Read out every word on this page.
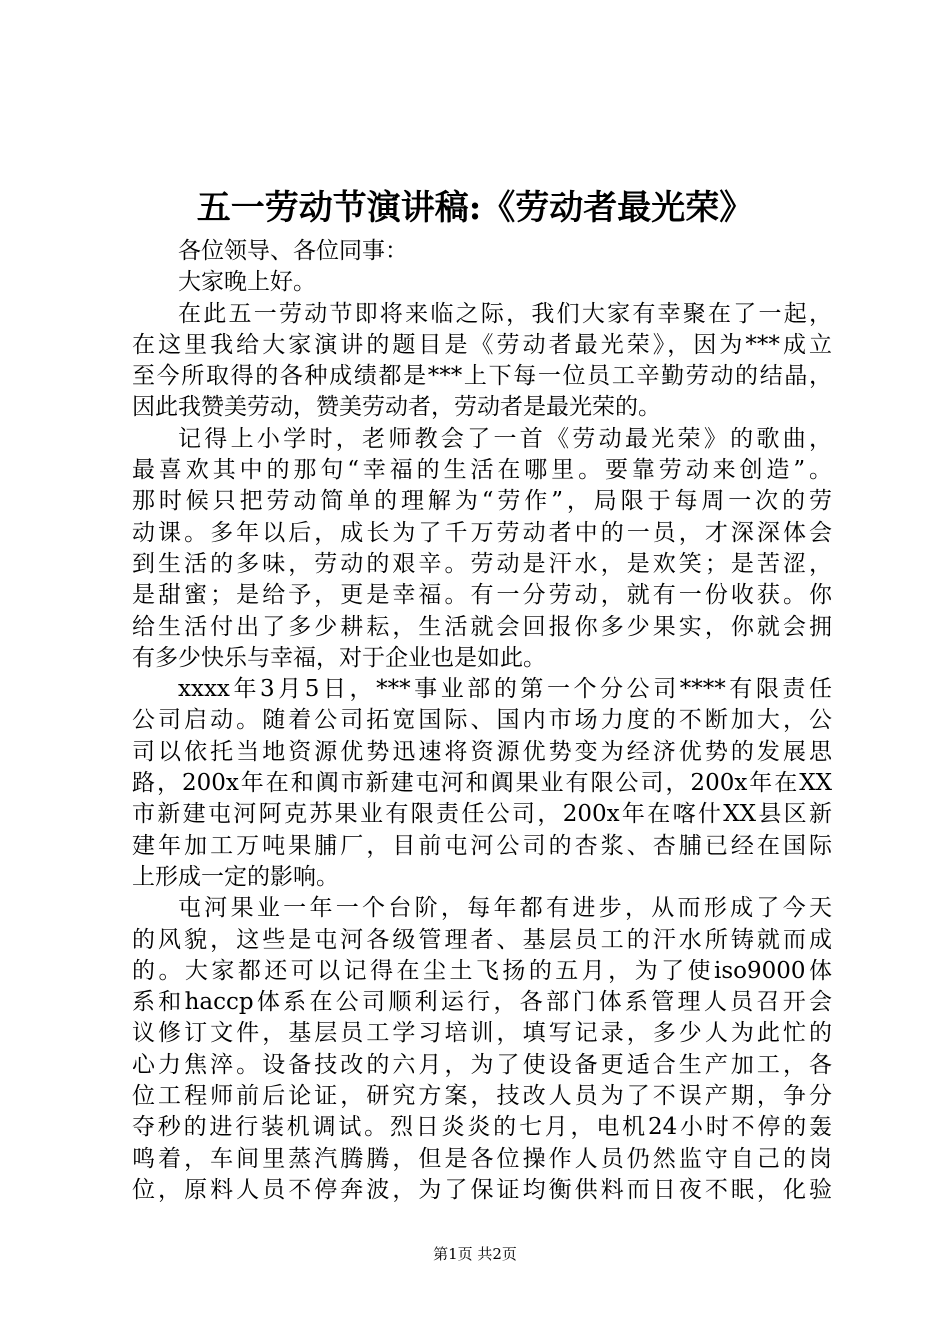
五一劳动节演讲稿:《劳动者最光荣》
各位领导、各位同事：
大家晚上好。
在此五一劳动节即将来临之际，我们大家有幸聚在了一起，
在这里我给大家演讲的题目是《劳动者最光荣》，因为***成立
至今所取得的各种成绩都是***上下每一位员工辛勤劳动的结晶，
因此我赞美劳动，赞美劳动者，劳动者是最光荣的。
记得上小学时，老师教会了一首《劳动最光荣》的歌曲，
最喜欢其中的那句“幸福的生活在哪里。要靠劳动来创造”。
那时候只把劳动简单的理解为“劳作”，局限于每周一次的劳
动课。多年以后，成长为了千万劳动者中的一员，才深深体会
到生活的多味，劳动的艰辛。劳动是汗水，是欢笑；是苦涩，
是甜蜜；是给予，更是幸福。有一分劳动，就有一份收获。你
给生活付出了多少耕耘，生活就会回报你多少果实，你就会拥
有多少快乐与幸福，对于企业也是如此。
xxxx年3月5日，***事业部的第一个分公司****有限责任
公司启动。随着公司拓宽国际、国内市场力度的不断加大，公
司以依托当地资源优势迅速将资源优势变为经济优势的发展思
路，200x年在和阗市新建屯河和阗果业有限公司，200x年在XX
市新建屯河阿克苏果业有限责任公司，200x年在喀什XX县区新
建年加工万吨果脯厂，目前屯河公司的杏浆、杏脯已经在国际
上形成一定的影响。
屯河果业一年一个台阶，每年都有进步，从而形成了今天
的风貌，这些是屯河各级管理者、基层员工的汗水所铸就而成
的。大家都还可以记得在尘土飞扬的五月，为了使iso9000体
系和haccp体系在公司顺利运行，各部门体系管理人员召开会
议修订文件，基层员工学习培训，填写记录，多少人为此忙的
心力焦淬。设备技改的六月，为了使设备更适合生产加工，各
位工程师前后论证，研究方案，技改人员为了不误产期，争分
夺秒的进行装机调试。烈日炎炎的七月，电机24小时不停的轰
鸣着，车间里蒸汽腾腾，但是各位操作人员仍然监守自己的岗
位，原料人员不停奔波，为了保证均衡供料而日夜不眠，化验
第1页 共2页
